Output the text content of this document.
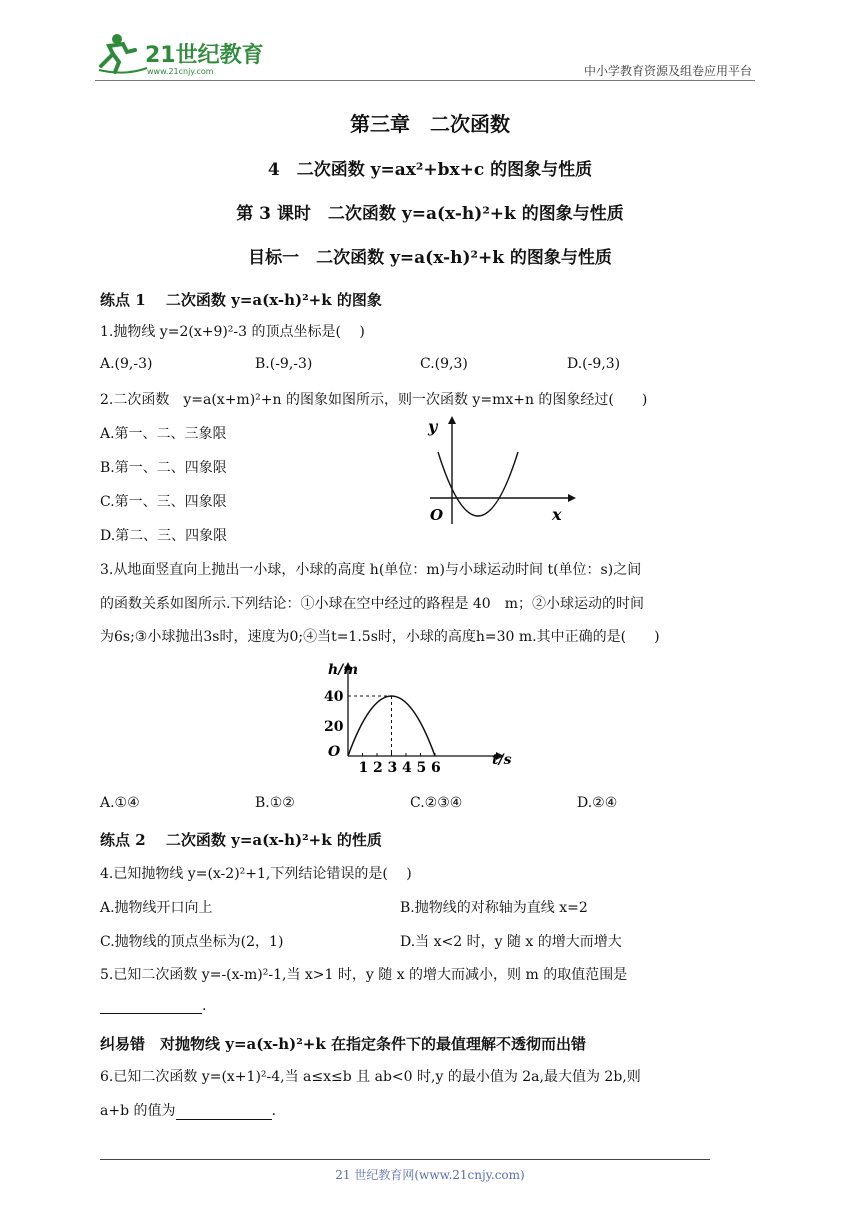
21世纪教育
www.21cnjy.com	中小学教育资源及组卷应用平台
第三章　二次函数
4　二次函数 y=ax²+bx+c 的图象与性质
第 3 课时　二次函数 y=a(x-h)²+k 的图象与性质
目标一　二次函数 y=a(x-h)²+k 的图象与性质
练点 1　 二次函数 y=a(x-h)²+k 的图象
1.抛物线 y=2(x+9)²-3 的顶点坐标是(　 )
A.(9,-3)	B.(-9,-3)	C.(9,3)	D.(-9,3)
2.二次函数　y=a(x+m)²+n 的图象如图所示，则一次函数 y=mx+n 的图象经过(　　)
A.第一、二、三象限
B.第一、二、四象限
C.第一、三、四象限
D.第二、三、四象限
y
x
O
3.从地面竖直向上抛出一小球，小球的高度 h(单位：m)与小球运动时间 t(单位：s)之间
的函数关系如图所示.下列结论：①小球在空中经过的路程是 40　m；②小球运动的时间
为6s;③小球抛出3s时，速度为0;④当t=1.5s时，小球的高度h=30 m.其中正确的是(　　)
h/m
t/s
O
1 2 3 4 5 6
20
40
A.①④	B.①②	C.②③④	D.②④
练点 2　 二次函数 y=a(x-h)²+k 的性质
4.已知抛物线 y=(x-2)²+1,下列结论错误的是(　 )
A.抛物线开口向上	B.抛物线的对称轴为直线 x=2
C.抛物线的顶点坐标为(2，1)	D.当 x<2 时，y 随 x 的增大而增大
5.已知二次函数 y=-(x-m)²-1,当 x>1 时，y 随 x 的增大而减小，则 m 的取值范围是
.
纠易错　对抛物线 y=a(x-h)²+k 在指定条件下的最值理解不透彻而出错
6.已知二次函数 y=(x+1)²-4,当 a≤x≤b 且 ab<0 时,y 的最小值为 2a,最大值为 2b,则
a+b 的值为	.
21 世纪教育网(www.21cnjy.com)
